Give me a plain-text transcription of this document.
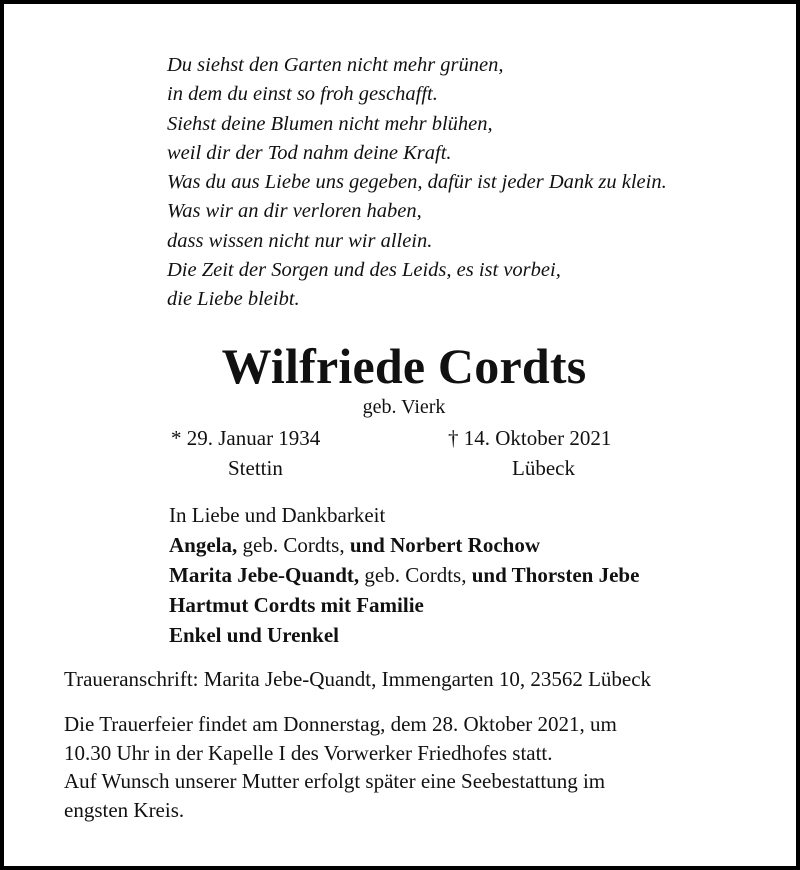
Du siehst den Garten nicht mehr grünen,
in dem du einst so froh geschafft.
Siehst deine Blumen nicht mehr blühen,
weil dir der Tod nahm deine Kraft.
Was du aus Liebe uns gegeben, dafür ist jeder Dank zu klein.
Was wir an dir verloren haben,
dass wissen nicht nur wir allein.
Die Zeit der Sorgen und des Leids, es ist vorbei,
die Liebe bleibt.
Wilfriede Cordts
geb. Vierk
* 29. Januar 1934
Stettin
† 14. Oktober 2021
Lübeck
In Liebe und Dankbarkeit
Angela, geb. Cordts, und Norbert Rochow
Marita Jebe-Quandt, geb. Cordts, und Thorsten Jebe
Hartmut Cordts mit Familie
Enkel und Urenkel
Traueranschrift: Marita Jebe-Quandt, Immengarten 10, 23562 Lübeck
Die Trauerfeier findet am Donnerstag, dem 28. Oktober 2021, um
10.30 Uhr in der Kapelle I des Vorwerker Friedhofes statt.
Auf Wunsch unserer Mutter erfolgt später eine Seebestattung im
engsten Kreis.
